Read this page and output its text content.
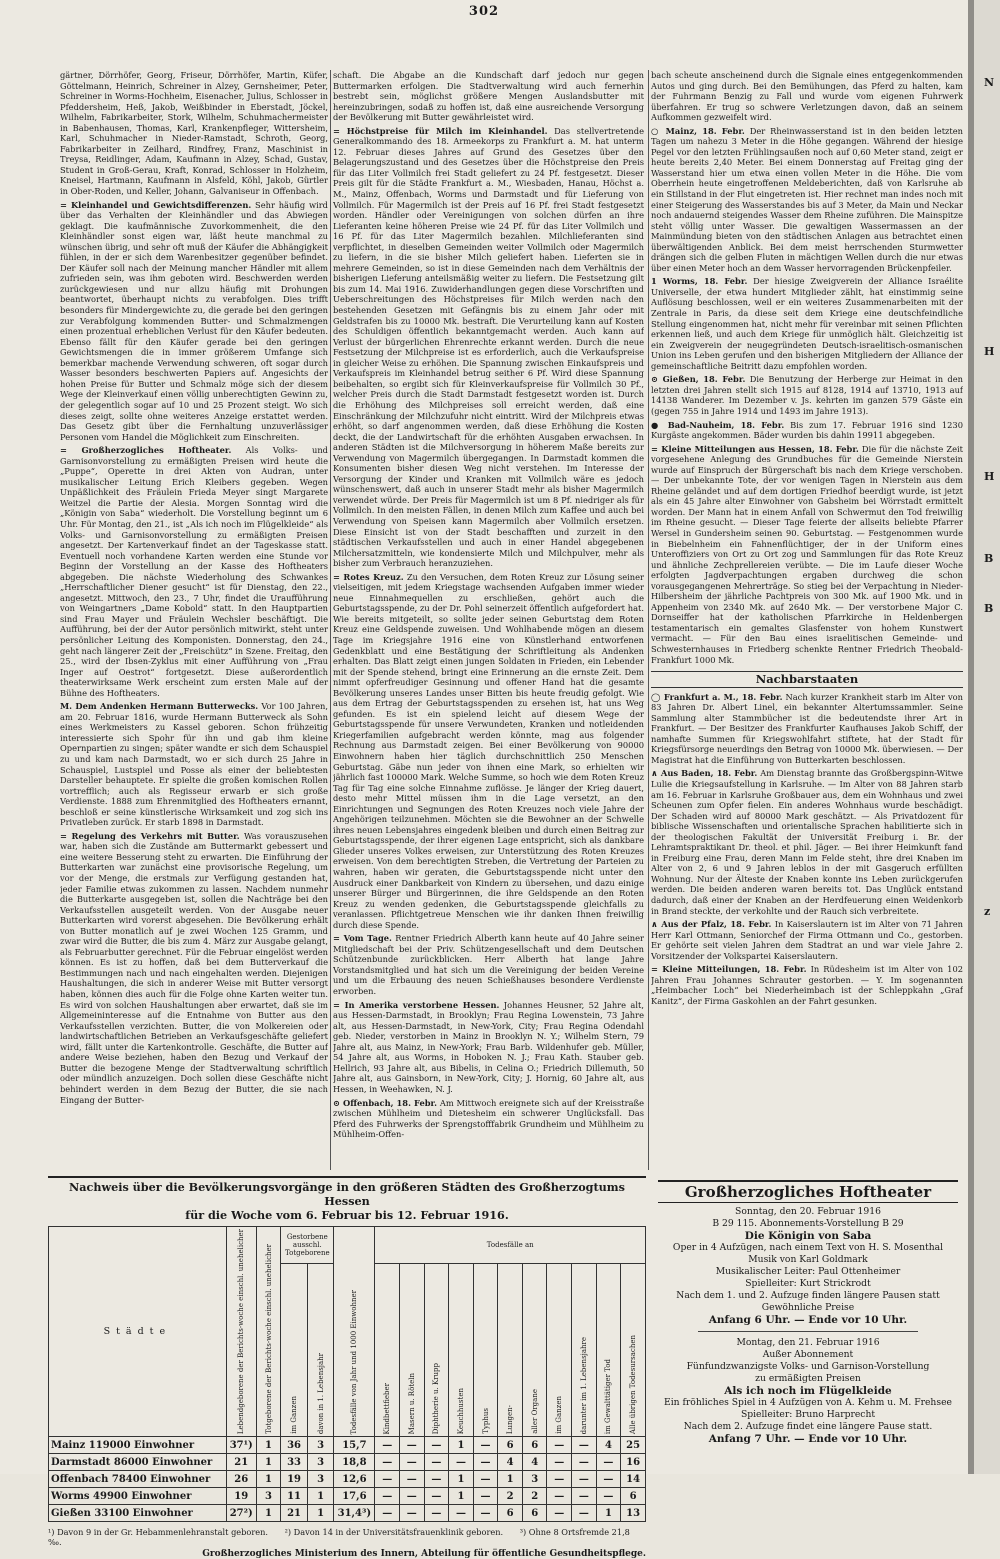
302

gärtner, Dörrhöfer, Georg, Friseur, Dörrhöfer, Martin, Küfer, Göttelmann, Heinrich, Schreiner in Alzey, Gernsheimer, Peter, Schreiner in Worms-Hochheim, Eisenacher, Julius, Schlosser in Pfeddersheim, Heß, Jakob, Weißbinder in Eberstadt, Jöckel, Wilhelm, Fabrikarbeiter, Stork, Wilhelm, Schuhmachermeister in Babenhausen, Thomas, Karl, Krankenpfleger, Wittersheim, Karl, Schuhmacher in Nieder-Ramstadt, Schroth, Georg, Fabrikarbeiter in Zeilhard, Rindfrey, Franz, Maschinist in Treysa, Reidlinger, Adam, Kaufmann in Alzey, Schad, Gustav, Student in Groß-Gerau, Kraft, Konrad, Schlosser in Holzheim, Kneisel, Hartmann, Kaufmann in Alsfeld, Köhl, Jakob, Gürtler in Ober-Roden, und Keller, Johann, Galvaniseur in Offenbach.

= Kleinhandel und Gewichtsdifferenzen. Sehr häufig wird über das Verhalten der Kleinhändler und das Abwiegen geklagt. Die kaufmännische Zuvorkommenheit, die den Kleinhändler sonst eigen war, läßt heute manchmal zu wünschen übrig, und sehr oft muß der Käufer die Abhängigkeit fühlen, in der er sich dem Warenbesitzer gegenüber befindet. Der Käufer soll nach der Meinung mancher Händler mit allem zufrieden sein, was ihm geboten wird. Beschwerden werden zurückgewiesen und nur allzu häufig mit Drohungen beantwortet, überhaupt nichts zu verabfolgen. Dies trifft besonders für Mindergewichte zu, die gerade bei den geringen zur Verabfolgung kommenden Butter- und Schmalzmengen einen prozentual erheblichen Verlust für den Käufer bedeuten. Ebenso fällt für den Käufer gerade bei den geringen Gewichtsmengen die in immer größerem Umfange sich bemerkbar machende Verwendung schweren, oft sogar durch Wasser besonders beschwerten Papiers auf. Angesichts der hohen Preise für Butter und Schmalz möge sich der diesem Wege der Kleinverkauf einen völlig unberechtigten Gewinn zu, der gelegentlich sogar auf 10 und 25 Prozent steigt. Wo sich dieses zeigt, sollte ohne weiteres Anzeige erstattet werden. Das Gesetz gibt über die Fernhaltung unzuverlässiger Personen vom Handel die Möglichkeit zum Einschreiten.

= Großherzogliches Hoftheater. Als Volks- und Garnisonvorstellung zu ermäßigten Preisen wird heute die „Puppe“, Operette in drei Akten von Audran, unter musikalischer Leitung Erich Kleibers gegeben. Wegen Unpäßlichkeit des Fräulein Frieda Meyer singt Margarete Weitzel die Partie der Alesia. Morgen Sonntag wird die „Königin von Saba“ wiederholt. Die Vorstellung beginnt um 6 Uhr. Für Montag, den 21., ist „Als ich noch im Flügelkleide“ als Volks- und Garnisonvorstellung zu ermäßigten Preisen angesetzt. Der Kartenverkauf findet an der Tageskasse statt. Eventuell noch vorhandene Karten werden eine Stunde vor Beginn der Vorstellung an der Kasse des Hoftheaters abgegeben. Die nächste Wiederholung des Schwankes „Herrschaftlicher Diener gesucht“ ist für Dienstag, den 22., angesetzt. Mittwoch, den 23., 7 Uhr, findet die Uraufführung von Weingartners „Dame Kobold“ statt. In den Hauptpartien sind Frau Mayer und Fräulein Wechsler beschäftigt. Die Aufführung, bei der der Autor persönlich mitwirkt, steht unter persönlicher Leitung des Komponisten. Donnerstag, den 24., geht nach längerer Zeit der „Freischütz“ in Szene. Freitag, den 25., wird der Ibsen-Zyklus mit einer Aufführung von „Frau Inger auf Oestrot“ fortgesetzt. Diese außerordentlich theaterwirksame Werk erscheint zum ersten Male auf der Bühne des Hoftheaters.

M. Dem Andenken Hermann Butterwecks. Vor 100 Jahren, am 20. Februar 1816, wurde Hermann Butterweck als Sohn eines Werkmeisters zu Kassel geboren. Schon frühzeitig interessierte sich Spohr für ihn und gab ihm kleine Opernpartien zu singen; später wandte er sich dem Schauspiel zu und kam nach Darmstadt, wo er sich durch 25 Jahre in Schauspiel, Lustspiel und Posse als einer der beliebtesten Darsteller behauptete. Er spielte die großen komischen Rollen vortrefflich; auch als Regisseur erwarb er sich große Verdienste. 1888 zum Ehrenmitglied des Hoftheaters ernannt, beschloß er seine künstlerische Wirksamkeit und zog sich ins Privatleben zurück. Er starb 1898 in Darmstadt.

= Regelung des Verkehrs mit Butter. Was vorauszusehen war, haben sich die Zustände am Buttermarkt gebessert und eine weitere Besserung steht zu erwarten. Die Einführung der Butterkarten war zunächst eine provisorische Regelung, um vor der Menge, die erstmals zur Verfügung gestanden hat, jeder Familie etwas zukommen zu lassen. Nachdem nunmehr die Butterkarte ausgegeben ist, sollen die Nachträge bei den Verkaufsstellen ausgeteilt werden. Von der Ausgabe neuer Butterkarten wird vorerst abgesehen. Die Bevölkerung erhält von Butter monatlich auf je zwei Wochen 125 Gramm, und zwar wird die Butter, die bis zum 4. März zur Ausgabe gelangt, als Februarbutter gerechnet. Für die Februar eingelöst werden können. Es ist zu hoffen, daß bei dem Butterverkauf die Bestimmungen nach und nach eingehalten werden. Diejenigen Haushaltungen, die sich in anderer Weise mit Butter versorgt haben, können dies auch für die Folge ohne Karten weiter tun. Es wird von solchen Haushaltungen aber erwartet, daß sie im Allgemeininteresse auf die Entnahme von Butter aus den Verkaufsstellen verzichten. Butter, die von Molkereien oder landwirtschaftlichen Betrieben an Verkaufsgeschäfte geliefert wird, fällt unter die Kartenkontrolle. Geschäfte, die Butter auf andere Weise beziehen, haben den Bezug und Verkauf der Butter die bezogene Menge der Stadtverwaltung schriftlich oder mündlich anzuzeigen. Doch sollen diese Geschäfte nicht behindert werden in dem Bezug der Butter, die sie nach Eingang der Butter-

schaft. Die Abgabe an die Kundschaft darf jedoch nur gegen Buttermarken erfolgen. Die Stadtverwaltung wird auch fernerhin bestrebt sein, möglichst größere Mengen Auslandsbutter mit hereinzubringen, sodaß zu hoffen ist, daß eine ausreichende Versorgung der Bevölkerung mit Butter gewährleistet wird.

= Höchstpreise für Milch im Kleinhandel. Das stellvertretende Generalkommando des 18. Armeekorps zu Frankfurt a. M. hat unterm 12. Februar dieses Jahres auf Grund des Gesetzes über den Belagerungszustand und des Gesetzes über die Höchstpreise den Preis für das Liter Vollmilch frei Stadt geliefert zu 24 Pf. festgesetzt. Dieser Preis gilt für die Städte Frankfurt a. M., Wiesbaden, Hanau, Höchst a. M., Mainz, Offenbach, Worms und Darmstadt und für Lieferung von Vollmilch. Für Magermilch ist der Preis auf 16 Pf. frei Stadt festgesetzt worden. Händler oder Vereinigungen von solchen dürfen an ihre Lieferanten keine höheren Preise wie 24 Pf. für das Liter Vollmilch und 16 Pf. für das Liter Magermilch bezahlen. Milchlieferanten sind verpflichtet, in dieselben Gemeinden weiter Vollmilch oder Magermilch zu liefern, in die sie bisher Milch geliefert haben. Lieferten sie in mehrere Gemeinden, so ist in diese Gemeinden nach dem Verhältnis der bisherigen Lieferung anteilsmäßig weiter zu liefern. Die Festsetzung gilt bis zum 14. Mai 1916. Zuwiderhandlungen gegen diese Vorschriften und Ueberschreitungen des Höchstpreises für Milch werden nach den bestehenden Gesetzen mit Gefängnis bis zu einem Jahr oder mit Geldstrafen bis zu 10000 Mk. bestraft. Die Verurteilung kann auf Kosten des Schuldigen öffentlich bekanntgemacht werden. Auch kann auf Verlust der bürgerlichen Ehrenrechte erkannt werden. Durch die neue Festsetzung der Milchpreise ist es erforderlich, auch die Verkaufspreise in gleicher Weise zu erhöhen. Die Spannung zwischen Einkaufspreis und Verkaufspreis im Kleinhandel betrug seither 6 Pf. Wird diese Spannung beibehalten, so ergibt sich für Kleinverkaufspreise für Vollmilch 30 Pf., welcher Preis durch die Stadt Darmstadt festgesetzt worden ist. Durch die Erhöhung des Milchpreises soll erreicht werden, daß eine Einschränkung der Milchzufuhr nicht eintritt. Wird der Milchpreis etwas erhöht, so darf angenommen werden, daß diese Erhöhung die Kosten deckt, die der Landwirtschaft für die erhöhten Ausgaben erwachsen. In anderen Städten ist die Milchversorgung in höherem Maße bereits zur Verwendung von Magermilch übergegangen. In Darmstadt kommen die Konsumenten bisher diesen Weg nicht verstehen. Im Interesse der Versorgung der Kinder und Kranken mit Vollmilch wäre es jedoch wünschenswert, daß auch in unserer Stadt mehr als bisher Magermilch verwendet würde. Der Preis für Magermilch ist um 8 Pf. niedriger als für Vollmilch. In den meisten Fällen, in denen Milch zum Kaffee und auch bei Verwendung von Speisen kann Magermilch aber Vollmilch ersetzen. Diese Einsicht ist von der Stadt beschafften und zurzeit in den städtischen Verkaufsstellen und auch in einer Handel abgegebenen Milchersatzmitteln, wie kondensierte Milch und Milchpulver, mehr als bisher zum Verbrauch heranzuziehen.

= Rotes Kreuz. Zu den Versuchen, dem Roten Kreuz zur Lösung seiner vielseitigen, mit jedem Kriegstage wachsenden Aufgaben immer wieder neue Einnahmequellen zu erschließen, gehört auch die Geburtstagsspende, zu der Dr. Pohl seinerzeit öffentlich aufgefordert hat. Wie bereits mitgeteilt, so sollte jeder seinen Geburtstag dem Roten Kreuz eine Geldspende zuweisen. Und Wohlhabende mögen an diesem Tage im Kriegsjahre 1916 eine von Künstlerhand entworfenen Gedenkblatt und eine Bestätigung der Schriftleitung als Andenken erhalten. Das Blatt zeigt einen jungen Soldaten in Frieden, ein Lebender mit der Spende stehend, bringt eine Erinnerung an die ernste Zeit. Dem nimmt opferfreudiger Gesinnung und offener Hand hat die gesamte Bevölkerung unseres Landes unser Bitten bis heute freudig gefolgt. Wie aus dem Ertrag der Geburtstagsspenden zu ersehen ist, hat uns Weg gefunden. Es ist ein spielend leicht auf diesem Wege der Geburtstagsspende für unsere Verwundeten, Kranken und notleidenden Kriegerfamilien aufgebracht werden könnte, mag aus folgender Rechnung aus Darmstadt zeigen. Bei einer Bevölkerung von 90000 Einwohnern haben hier täglich durchschnittlich 250 Menschen Geburtstag. Gäbe nun jeder von ihnen eine Mark, so erhielten wir jährlich fast 100000 Mark. Welche Summe, so hoch wie dem Roten Kreuz Tag für Tag eine solche Einnahme zuflösse. Je länger der Krieg dauert, desto mehr Mittel müssen ihm in die Lage versetzt, an den Einrichtungen und Segnungen des Roten Kreuzes noch viele Jahre der Angehörigen teilzunehmen. Möchten sie die Bewohner an der Schwelle ihres neuen Lebensjahres eingedenk bleiben und durch einen Beitrag zur Geburtstagsspende, der ihrer eigenen Lage entspricht, sich als dankbare Glieder unseres Volkes erweisen, zur Unterstützung des Roten Kreuzes erweisen. Von dem berechtigten Streben, die Vertretung der Parteien zu wahren, haben wir geraten, die Geburtstagsspende nicht unter den Ausdruck einer Dankbarkeit von Kindern zu übersehen, und dazu einige unserer Bürger und Bürgerinnen, die ihre Geldspende an den Roten Kreuz zu wenden gedenken, die Geburtstagsspende gleichfalls zu veranlassen. Pflichtgetreue Menschen wie ihr danken Ihnen freiwillig durch diese Spende.

= Vom Tage. Rentner Friedrich Alberth kann heute auf 40 Jahre seiner Mitgliedschaft bei der Priv. Schützengesellschaft und dem Deutschen Schützenbunde zurückblicken. Herr Alberth hat lange Jahre Vorstandsmitglied und hat sich um die Vereinigung der beiden Vereine und um die Erbauung des neuen Schießhauses besondere Verdienste erworben.

= In Amerika verstorbene Hessen. Johannes Heusner, 52 Jahre alt, aus Hessen-Darmstadt, in Brooklyn; Frau Regina Lowenstein, 73 Jahre alt, aus Hessen-Darmstadt, in New-York, City; Frau Regina Odendahl geb. Nieder, verstorben in Mainz in Brooklyn N. Y.; Wilhelm Stern, 79 Jahre alt, aus Mainz, in New-York; Frau Barb. Wildenhufer geb. Müller, 54 Jahre alt, aus Worms, in Hoboken N. J.; Frau Kath. Stauber geb. Hellrich, 93 Jahre alt, aus Bibelis, in Celina O.; Friedrich Dillemuth, 50 Jahre alt, aus Gainsborn, in New-York, City; J. Hornig, 60 Jahre alt, aus Hessen, in Weehawken, N. J.

⊙ Offenbach, 18. Febr. Am Mittwoch ereignete sich auf der Kreisstraße zwischen Mühlheim und Dietesheim ein schwerer Unglücksfall. Das Pferd des Fuhrwerks der Sprengstofffabrik Grundheim und Mühlheim zu Mühlheim-Offen-

bach scheute anscheinend durch die Signale eines entgegenkommenden Autos und ging durch. Bei den Bemühungen, das Pferd zu halten, kam der Fuhrmann Benzig zu Fall und wurde vom eigenen Fuhrwerk überfahren. Er trug so schwere Verletzungen davon, daß an seinem Aufkommen gezweifelt wird.

○ Mainz, 18. Febr. Der Rheinwasserstand ist in den beiden letzten Tagen um nahezu 3 Meter in die Höhe gegangen. Während der hiesige Pegel vor den letzten Frühlingsaußen noch auf 0,60 Meter stand, zeigt er heute bereits 2,40 Meter. Bei einem Donnerstag auf Freitag ging der Wasserstand hier um etwa einen vollen Meter in die Höhe. Die vom Oberrhein heute eingetroffenen Meldeberichten, daß von Karlsruhe ab ein Stillstand in der Flut eingetreten ist. Hier rechnet man indes noch mit einer Steigerung des Wasserstandes bis auf 3 Meter, da Main und Neckar noch andauernd steigendes Wasser dem Rheine zuführen. Die Mainspitze steht völlig unter Wasser. Die gewaltigen Wassermassen an der Mainmündung bieten von den städtischen Anlagen aus betrachtet einen überwältigenden Anblick. Bei dem meist herrschenden Sturmwetter drängen sich die gelben Fluten in mächtigen Wellen durch die nur etwas über einen Meter hoch an dem Wasser hervorragenden Brückenpfeiler.

1 Worms, 18. Febr. Der hiesige Zweigverein der Alliance Israélite Universelle, der etwa hundert Mitglieder zählt, hat einstimmig seine Auflösung beschlossen, weil er ein weiteres Zusammenarbeiten mit der Zentrale in Paris, da diese seit dem Kriege eine deutschfeindliche Stellung eingenommen hat, nicht mehr für vereinbar mit seinen Pflichten erkennen ließ, und auch dem Kriege für unmöglich hält. Gleichzeitig ist ein Zweigverein der neugegründeten Deutsch-israelitisch-osmanischen Union ins Leben gerufen und den bisherigen Mitgliedern der Alliance der gemeinschaftliche Beitritt dazu empfohlen worden.

⊙ Gießen, 18. Febr. Die Benutzung der Herberge zur Heimat in den letzten drei Jahren stellt sich 1915 auf 8128, 1914 auf 13710, 1913 auf 14138 Wanderer. Im Dezember v. Js. kehrten im ganzen 579 Gäste ein (gegen 755 in Jahre 1914 und 1493 im Jahre 1913).

● Bad-Nauheim, 18. Febr. Bis zum 17. Februar 1916 sind 1230 Kurgäste angekommen. Bäder wurden bis dahin 19911 abgegeben.

= Kleine Mitteilungen aus Hessen, 18. Febr. Die für die nächste Zeit vorgesehene Anlegung des Grundbuches für die Gemeinde Nierstein wurde auf Einspruch der Bürgerschaft bis nach dem Kriege verschoben. — Der unbekannte Tote, der vor wenigen Tagen in Nierstein aus dem Rheine geländet und auf dem dortigen Friedhof beerdigt wurde, ist jetzt als ein 45 Jahre alter Einwohner von Gabsheim bei Wörrstadt ermittelt worden. Der Mann hat in einem Anfall von Schwermut den Tod freiwillig im Rheine gesucht. — Dieser Tage feierte der allseits beliebte Pfarrer Wersel in Gundersheim seinen 90. Geburtstag. — Festgenommen wurde in Biebelnheim ein Fahnenflüchtiger, der in der Uniform eines Unteroffiziers von Ort zu Ort zog und Sammlungen für das Rote Kreuz und ähnliche Zechprellereien verübte. — Die im Laufe dieser Woche erfolgten Jagdverpachtungen ergaben durchweg die schon vorausgegangenen Mehrerträge. So stieg bei der Verpachtung in Nieder-Hilbersheim der jährliche Pachtpreis von 300 Mk. auf 1900 Mk. und in Appenheim von 2340 Mk. auf 2640 Mk. — Der verstorbene Major C. Dornseiffer hat der katholischen Pfarrkirche in Heldenbergen testamentarisch ein gemaltes Glasfenster von hohem Kunstwert vermacht. — Für den Bau eines israelitischen Gemeinde- und Schwesternhauses in Friedberg schenkte Rentner Friedrich Theobald-Frankfurt 1000 Mk.

Nachbarstaaten

◯ Frankfurt a. M., 18. Febr. Nach kurzer Krankheit starb im Alter von 83 Jahren Dr. Albert Linel, ein bekannter Altertumssammler. Seine Sammlung alter Stammbücher ist die bedeutendste ihrer Art in Frankfurt. — Der Besitzer des Frankfurter Kaufhauses Jakob Schiff, der namhafte Summen für Kriegswohlfahrt stiftete, hat der Stadt für Kriegsfürsorge neuerdings den Betrag von 10000 Mk. überwiesen. — Der Magistrat hat die Einführung von Butterkarten beschlossen.

∧ Aus Baden, 18. Febr. Am Dienstag brannte das Großbergspinn-Witwe Lulie die Kriegsaufstellung in Karlsruhe. — Im Alter von 88 Jahren starb am 16. Februar in Karlsruhe Großbauer aus, dem ein Wohnhaus und zwei Scheunen zum Opfer fielen. Ein anderes Wohnhaus wurde beschädigt. Der Schaden wird auf 80000 Mark geschätzt. — Als Privatdozent für biblische Wissenschaften und orientalische Sprachen habilitierte sich in der theologischen Fakultät der Universität Freiburg i. Br. der Lehramtspraktikant Dr. theol. et phil. Jäger. — Bei ihrer Heimkunft fand in Freiburg eine Frau, deren Mann im Felde steht, ihre drei Knaben im Alter von 2, 6 und 9 Jahren leblos in der mit Gasgeruch erfüllten Wohnung. Nur der Älteste der Knaben konnte ins Leben zurückgerufen werden. Die beiden anderen waren bereits tot. Das Unglück entstand dadurch, daß einer der Knaben an der Herdfeuerung einen Weidenkorb in Brand steckte, der verkohlte und der Rauch sich verbreitete.

∧ Aus der Pfalz, 18. Febr. In Kaiserslautern ist im Alter von 71 Jahren Herr Karl Ottmann, Seniorchef der Firma Ottmann und Co., gestorben. Er gehörte seit vielen Jahren dem Stadtrat an und war viele Jahre 2. Vorsitzender der Volkspartei Kaiserslautern.

= Kleine Mitteilungen, 18. Febr. In Rüdesheim ist im Alter von 102 Jahren Frau Johannes Schrauter gestorben. — Y. Im sogenannten „Heimbacher Loch“ bei Niederheimbach ist der Schleppkahn „Graf Kanitz“, der Firma Gaskohlen an der Fahrt gesunken.

Nachweis über die Bevölkerungsvorgänge in den größeren Städten des Großherzogtums Hessen
für die Woche vom 6. Februar bis 12. Februar 1916.
Städte	Lebendgeborene der Berichts-woche einschl. unehelicher	Totgeborene der Berichts-woche einschl. unehelicher	Gestorbene ausschl. Totgeborene		Todesfälle von Jahr und 1000 Einwohner	Todesfälle an										

			im Ganzen	davon in 1. Lebensjahr		Kindbettfieber	Masern u. Röteln	Diphtherie u. Krupp	Keuchhusten	Typhus	Lungen-	aller Organe	im Ganzen	darunter im 1. Lebensjahre	im Gewalttätiger Tod	Alle übrigen Todesursachen

Mainz 119000 Einwohner	37¹)	1	36	3	15,7	—	—	—	1	—	6	6	—	—	4	25
Darmstadt 86000 Einwohner	21	1	33	3	18,8	—	—	—	—	—	4	4	—	—	—	16
Offenbach 78400 Einwohner	26	1	19	3	12,6	—	—	—	1	—	1	3	—	—	—	14
Worms 49900 Einwohner	19	3	11	1	17,6	—	—	—	1	—	2	2	—	—	—	6
Gießen 33100 Einwohner	27²)	1	21	1	31,4³)	—	—	—	—	—	6	6	—	—	1	13
¹) Davon 9 in der Gr. Hebammenlehranstalt geboren. ²) Davon 14 in der Universitätsfrauenklinik geboren. ³) Ohne 8 Ortsfremde 21,8 ‰.
Großherzogliches Ministerium des Innern, Abteilung für öffentliche Gesundheitspflege.
Großherzogliches Hoftheater
Sonntag, den 20. Februar 1916
B 29 115. Abonnements-Vorstellung B 29
Die Königin von Saba
Oper in 4 Aufzügen, nach einem Text von H. S. Mosenthal
Musik von Karl Goldmark
Musikalischer Leiter: Paul Ottenheimer
Spielleiter: Kurt Strickrodt
Nach dem 1. und 2. Aufzuge finden längere Pausen statt
Gewöhnliche Preise
Anfang 6 Uhr. — Ende vor 10 Uhr.
Montag, den 21. Februar 1916
Außer Abonnement
Fünfundzwanzigste Volks- und Garnison-Vorstellung
zu ermäßigten Preisen
Als ich noch im Flügelkleide
Ein fröhliches Spiel in 4 Aufzügen von A. Kehm u. M. Frehsee
Spielleiter: Bruno Harprecht
Nach dem 2. Aufzuge findet eine längere Pause statt.
Anfang 7 Uhr. — Ende vor 10 Uhr.
N
H
H
B
B
z
